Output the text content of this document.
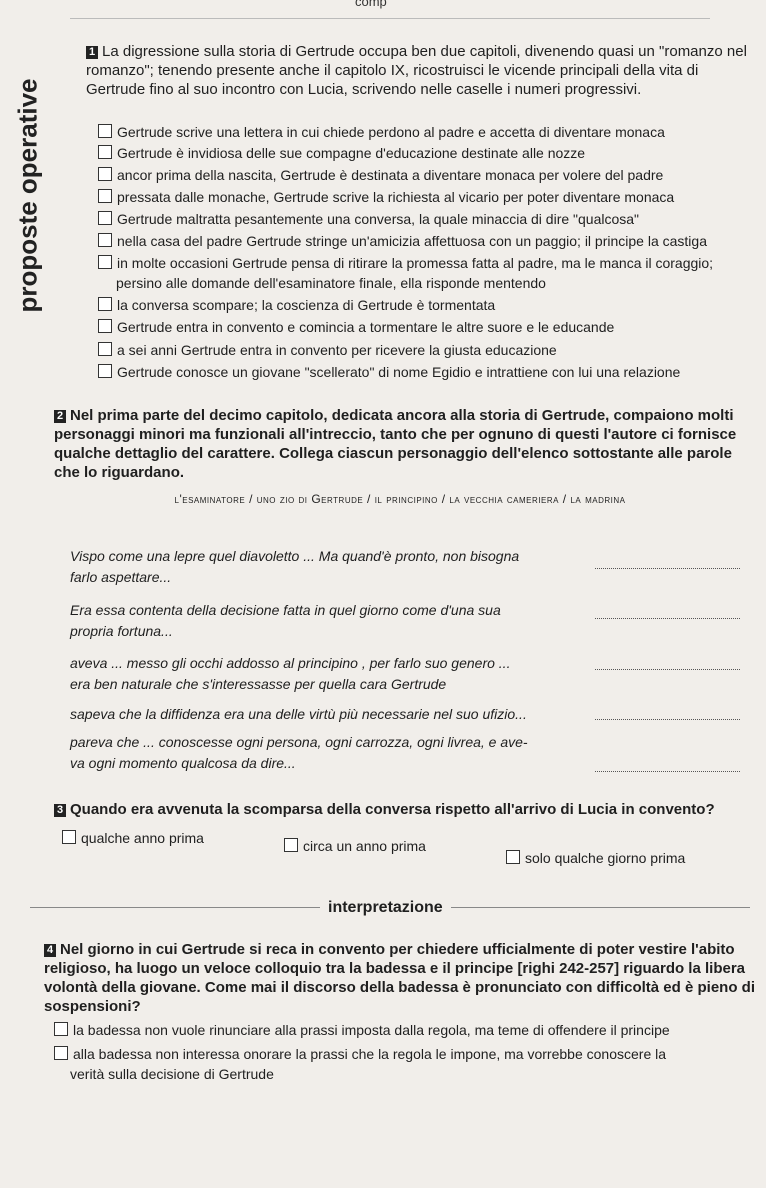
comp
proposte operative

1 La digressione sulla storia di Gertrude occupa ben due capitoli, divenendo quasi un "romanzo nel romanzo"; tenendo presente anche il capitolo IX, ricostruisci le vicende principali della vita di Gertrude fino al suo incontro con Lucia, scrivendo nelle caselle i numeri progressivi.

Gertrude scrive una lettera in cui chiede perdono al padre e accetta di diventare monaca
Gertrude è invidiosa delle sue compagne d'educazione destinate alle nozze
ancor prima della nascita, Gertrude è destinata a diventare monaca per volere del padre
pressata dalle monache, Gertrude scrive la richiesta al vicario per poter diventare monaca
Gertrude maltratta pesantemente una conversa, la quale minaccia di dire "qualcosa"
nella casa del padre Gertrude stringe un'amicizia affettuosa con un paggio; il principe la castiga
in molte occasioni Gertrude pensa di ritirare la promessa fatta al padre, ma le manca il coraggio;
persino alle domande dell'esaminatore finale, ella risponde mentendo
la conversa scompare; la coscienza di Gertrude è tormentata
Gertrude entra in convento e comincia a tormentare le altre suore e le educande
a sei anni Gertrude entra in convento per ricevere la giusta educazione
Gertrude conosce un giovane "scellerato" di nome Egidio e intrattiene con lui una relazione

2 Nel prima parte del decimo capitolo, dedicata ancora alla storia di Gertrude, compaiono molti personaggi minori ma funzionali all'intreccio, tanto che per ognuno di questi l'autore ci fornisce qualche dettaglio del carattere. Collega ciascun personaggio dell'elenco sottostante alle parole che lo riguardano.

l'esaminatore / uno zio di Gertrude / il principino / la vecchia cameriera / la madrina

Vispo come una lepre quel diavoletto ... Ma quand'è pronto, non bisogna

farlo aspettare...

Era essa contenta della decisione fatta in quel giorno come d'una sua

propria fortuna...

aveva ... messo gli occhi addosso al principino , per farlo suo genero ...

era ben naturale che s'interessasse per quella cara Gertrude

sapeva che la diffidenza era una delle virtù più necessarie nel suo ufizio...

pareva che ... conoscesse ogni persona, ogni carrozza, ogni livrea, e ave-

va ogni momento qualcosa da dire...

3 Quando era avvenuta la scomparsa della conversa rispetto all'arrivo di Lucia in convento?

qualche anno prima	circa un anno prima
solo qualche giorno prima
interpretazione

4 Nel giorno in cui Gertrude si reca in convento per chiedere ufficialmente di poter vestire l'abito religioso, ha luogo un veloce colloquio tra la badessa e il principe [righi 242-257] riguardo la libera volontà della giovane. Come mai il discorso della badessa è pronunciato con difficoltà ed è pieno di sospensioni?

la badessa non vuole rinunciare alla prassi imposta dalla regola, ma teme di offendere il principe
alla badessa non interessa onorare la prassi che la regola le impone, ma vorrebbe conoscere la
verità sulla decisione di Gertrude
